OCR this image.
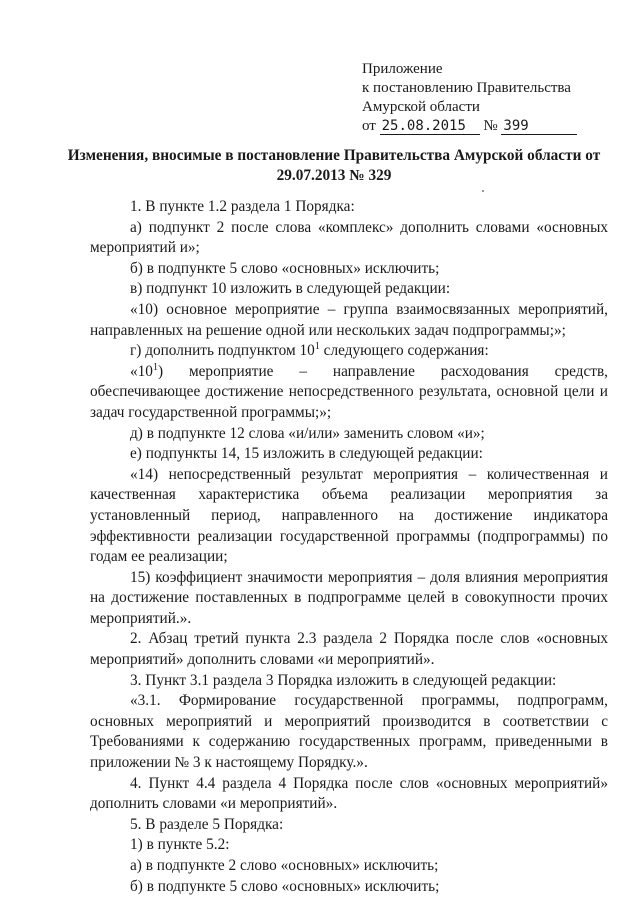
Приложение
к постановлению Правительства
Амурской области
от 25.08.2015 № 399
Изменения, вносимые в постановление Правительства Амурской области от 29.07.2013 № 329

1. В пункте 1.2 раздела 1 Порядка:

а) подпункт 2 после слова «комплекс» дополнить словами «основных мероприятий и»;

б) в подпункте 5 слово «основных» исключить;

в) подпункт 10 изложить в следующей редакции:

«10) основное мероприятие – группа взаимосвязанных мероприятий, направленных на решение одной или нескольких задач подпрограммы;»;

г) дополнить подпунктом $10^1$ следующего содержания:

«$10^1$) мероприятие – направление расходования средств, обеспечивающее достижение непосредственного результата, основной цели и задач государственной программы;»;

д) в подпункте 12 слова «и/или» заменить словом «и»;

е) подпункты 14, 15 изложить в следующей редакции:

«14) непосредственный результат мероприятия – количественная и качественная характеристика объема реализации мероприятия за установленный период, направленного на достижение индикатора эффективности реализации государственной программы (подпрограммы) по годам ее реализации;

15) коэффициент значимости мероприятия – доля влияния мероприятия на достижение поставленных в подпрограмме целей в совокупности прочих мероприятий.».

2. Абзац третий пункта 2.3 раздела 2 Порядка после слов «основных мероприятий» дополнить словами «и мероприятий».

3. Пункт 3.1 раздела 3 Порядка изложить в следующей редакции:

«3.1. Формирование государственной программы, подпрограмм, основных мероприятий и мероприятий производится в соответствии с Требованиями к содержанию государственных программ, приведенными в приложении № 3 к настоящему Порядку.».

4. Пункт 4.4 раздела 4 Порядка после слов «основных мероприятий» дополнить словами «и мероприятий».

5. В разделе 5 Порядка:

1) в пункте 5.2:

а) в подпункте 2 слово «основных» исключить;

б) в подпункте 5 слово «основных» исключить;
